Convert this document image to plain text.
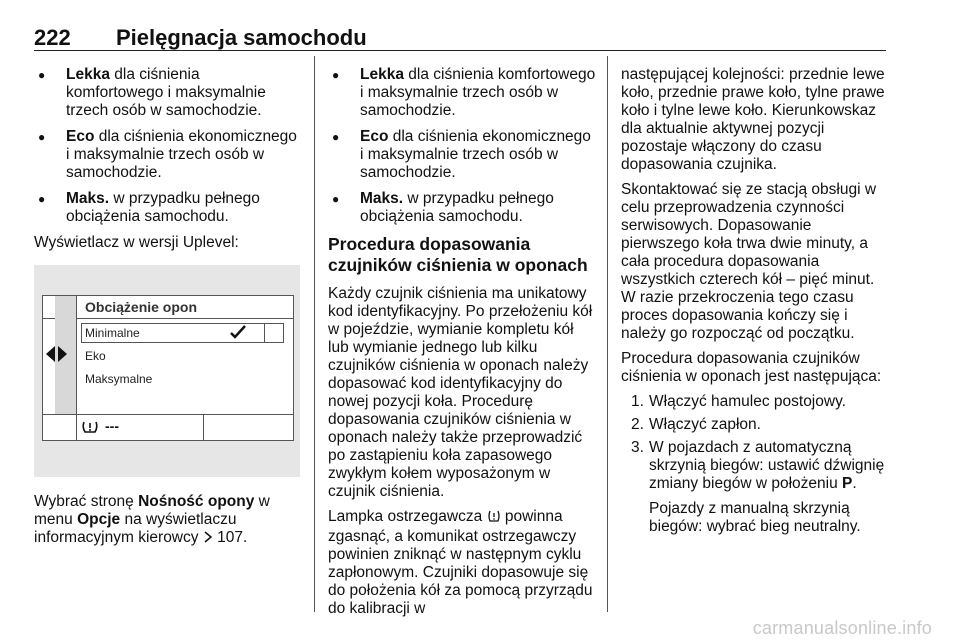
222 Pielęgnacja samochodu
● Lekka dla ciśnienia komfortowego i maksymalnie trzech osób w samochodzie.
● Eco dla ciśnienia ekonomicznego i maksymalnie trzech osób w samochodzie.
● Maks. w przypadku pełnego obciążenia samochodu.

Wyświetlacz w wersji Uplevel:

Obciążenie opon
Minimalne
Eko
Maksymalne
---

Wybrać stronę Nośność opony w menu Opcje na wyświetlaczu informacyjnym kierowcy  107.

● Lekka dla ciśnienia komfortowego i maksymalnie trzech osób w samochodzie.
● Eco dla ciśnienia ekonomicznego i maksymalnie trzech osób w samochodzie.
● Maks. w przypadku pełnego obciążenia samochodu.
Procedura dopasowania czujników ciśnienia w oponach

Każdy czujnik ciśnienia ma unikatowy kod identyfikacyjny. Po przełożeniu kół w pojeździe, wymianie kompletu kół lub wymianie jednego lub kilku czujników ciśnienia w oponach należy dopasować kod identyfikacyjny do nowej pozycji koła. Procedurę dopasowania czujników ciśnienia w oponach należy także przeprowadzić po zastąpieniu koła zapasowego zwykłym kołem wyposażonym w czujnik ciśnienia.

Lampka ostrzegawcza  powinna zgasnąć, a komunikat ostrzegawczy powinien zniknąć w następnym cyklu zapłonowym. Czujniki dopasowuje się do położenia kół za pomocą przyrządu do kalibracji w

następującej kolejności: przednie lewe koło, przednie prawe koło, tylne prawe koło i tylne lewe koło. Kierunkowskaz dla aktualnie aktywnej pozycji pozostaje włączony do czasu dopasowania czujnika.

Skontaktować się ze stacją obsługi w celu przeprowadzenia czynności serwisowych. Dopasowanie pierwszego koła trwa dwie minuty, a cała procedura dopasowania wszystkich czterech kół – pięć minut. W razie przekroczenia tego czasu proces dopasowania kończy się i należy go rozpocząć od początku.

Procedura dopasowania czujników ciśnienia w oponach jest następująca:

1. Włączyć hamulec postojowy.
2. Włączyć zapłon.
3. W pojazdach z automatyczną skrzynią biegów: ustawić dźwignię zmiany biegów w położeniu P.
Pojazdy z manualną skrzynią biegów: wybrać bieg neutralny.
carmanualsonline.info
